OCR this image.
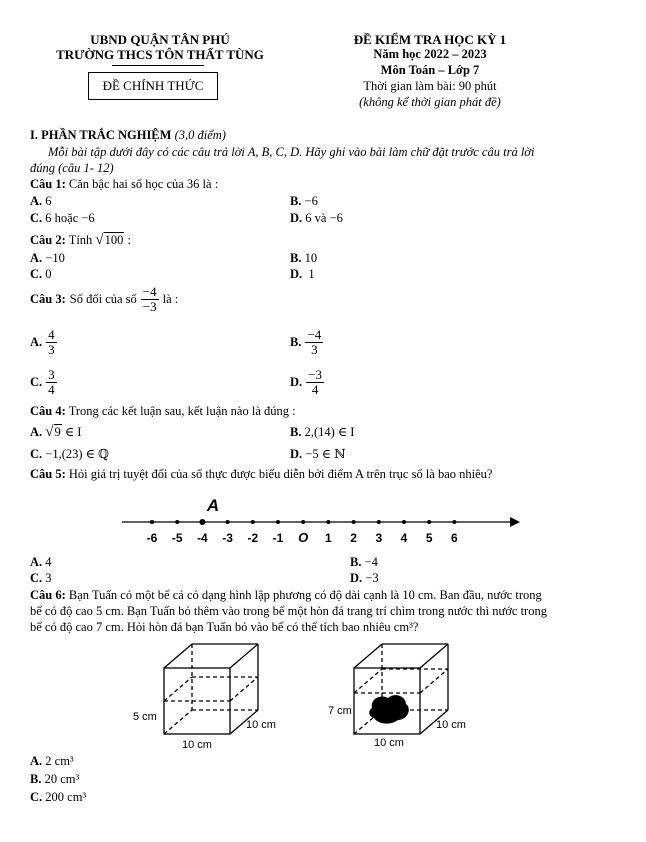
UBND QUẬN TÂN PHÚ
TRƯỜNG THCS TÔN THẤT TÙNG
ĐỀ CHÍNH THỨC
ĐỀ KIỂM TRA HỌC KỲ 1
Năm học 2022 – 2023
Môn Toán – Lớp 7
Thời gian làm bài: 90 phút
(không kể thời gian phát đề)
I. PHẦN TRẮC NGHIỆM (3,0 điểm)
Mỗi bài tập dưới đây có các câu trả lời A, B, C, D. Hãy ghi vào bài làm chữ đặt trước câu trả lời
đúng (câu 1- 12)
Câu 1: Căn bậc hai số học của 36 là :
A. 6	B. −6
C. 6 hoặc −6	D. 6 và −6
Câu 2: Tính √100 :
A. −10	B. 10
C. 0	D. 1
Câu 3: Số đối của số $\frac{-4}{-3}$ là :
A. $\frac{4}{3}$	B. $\frac{-4}{3}$
C. $\frac{3}{4}$	D. $\frac{-3}{4}$
Câu 4: Trong các kết luận sau, kết luận nào là đúng :
A. √9 ∈ I	B. 2,(14) ∈ I
C. −1,(23) ∈ ℚ	D. −5 ∈ ℕ
Câu 5: Hỏi giá trị tuyệt đối của số thực được biểu diễn bởi điểm A trên trục số là bao nhiêu?
-6 -5 -4 -3 -2 -1 O 1 2 3 4 5 6
A
A. 4	B. −4
C. 3	D. −3
Câu 6: Bạn Tuấn có một bể cá có dạng hình lập phương có độ dài cạnh là 10 cm. Ban đầu, nước trong
bể có độ cao 5 cm. Bạn Tuấn bỏ thêm vào trong bể một hòn đá trang trí chìm trong nước thì nước trong
bể có độ cao 7 cm. Hỏi hòn đá bạn Tuấn bỏ vào bể có thể tích bao nhiêu cm³?
5 cm
10 cm
10 cm
7 cm
10 cm
10 cm
A. 2 cm³
B. 20 cm³
C. 200 cm³
